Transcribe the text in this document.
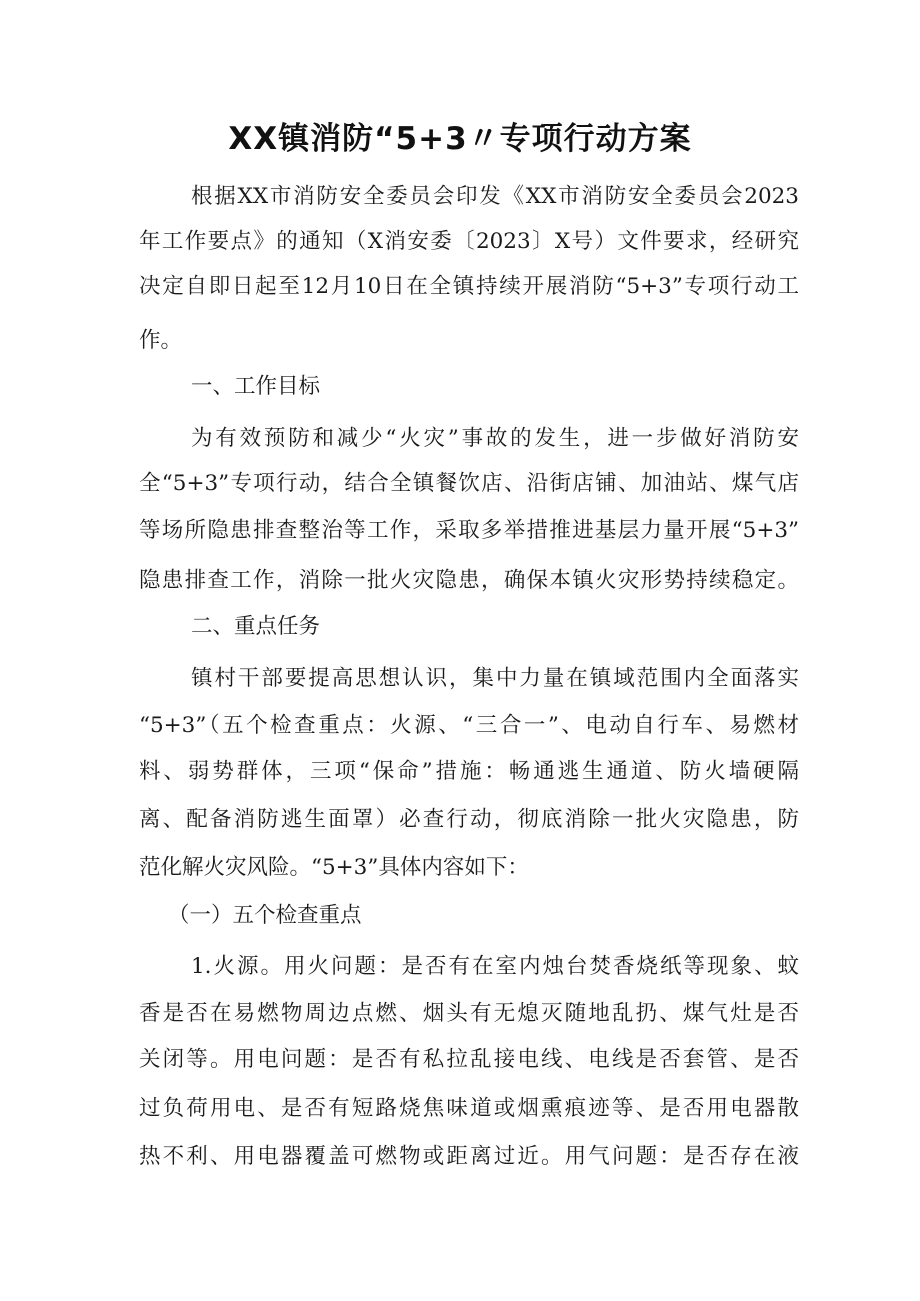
XX镇消防“5+3〃专项行动方案
根据XX市消防安全委员会印发《XX市消防安全委员会2023
年工作要点》的通知（X消安委〔2023〕X号）文件要求，经研究
决定自即日起至12月10日在全镇持续开展消防“5+3”专项行动工
作。
一、工作目标
为有效预防和减少“火灾”事故的发生，进一步做好消防安
全“5+3”专项行动，结合全镇餐饮店、沿街店铺、加油站、煤气店
等场所隐患排查整治等工作，采取多举措推进基层力量开展“5+3”
隐患排查工作，消除一批火灾隐患，确保本镇火灾形势持续稳定。
二、重点任务
镇村干部要提高思想认识，集中力量在镇域范围内全面落实
“5+3”（五个检查重点：火源、“三合一”、电动自行车、易燃材
料、弱势群体，三项“保命”措施：畅通逃生通道、防火墙硬隔
离、配备消防逃生面罩）必查行动，彻底消除一批火灾隐患，防
范化解火灾风险。“5+3”具体内容如下：
（一）五个检查重点
1.火源。用火问题：是否有在室内烛台焚香烧纸等现象、蚊
香是否在易燃物周边点燃、烟头有无熄灭随地乱扔、煤气灶是否
关闭等。用电问题：是否有私拉乱接电线、电线是否套管、是否
过负荷用电、是否有短路烧焦味道或烟熏痕迹等、是否用电器散
热不利、用电器覆盖可燃物或距离过近。用气问题：是否存在液
